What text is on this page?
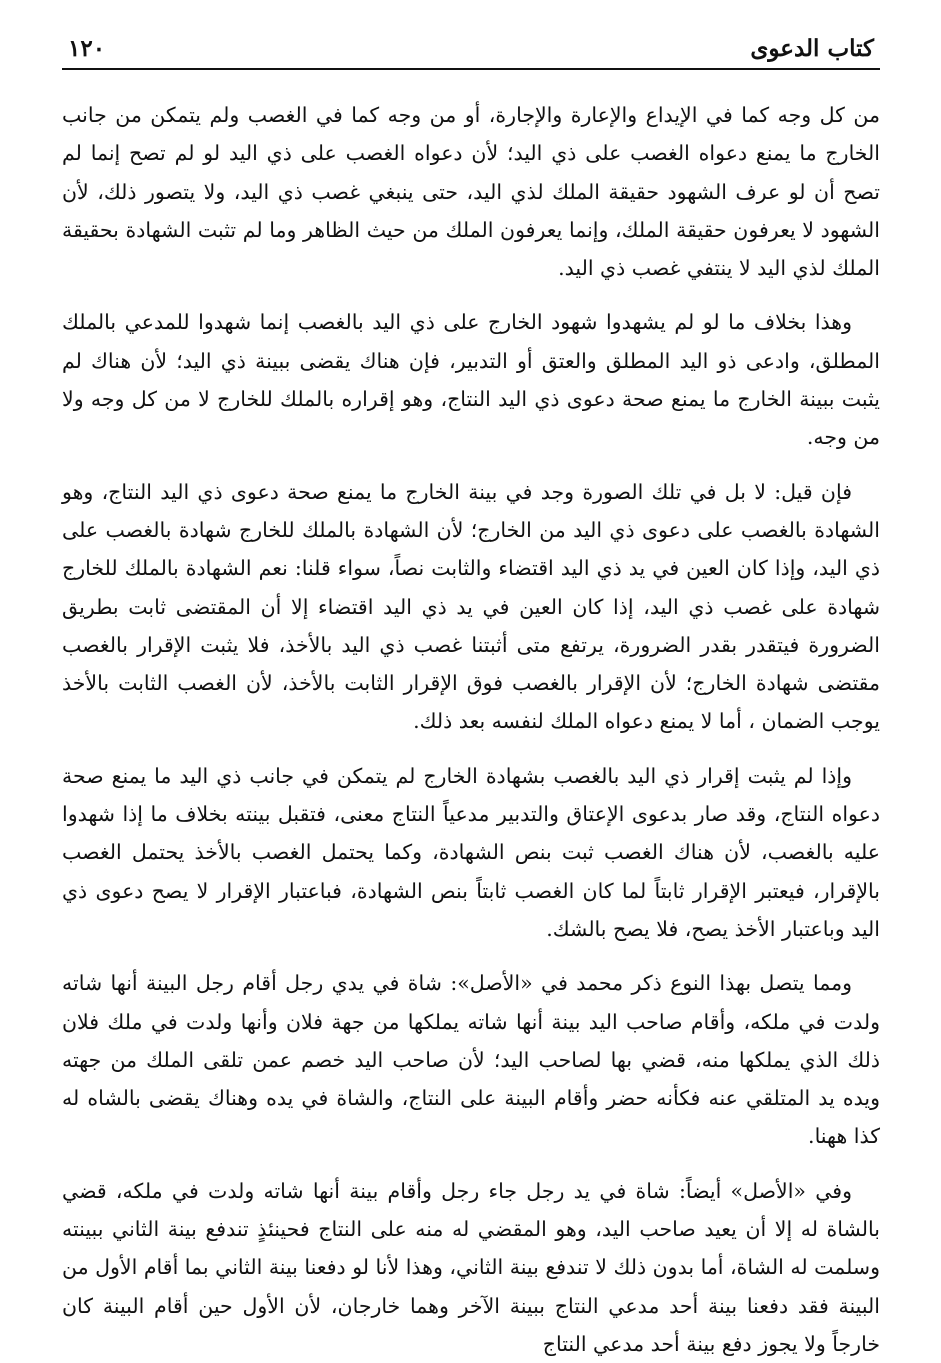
كتاب الدعوى
١٢٠

من كل وجه كما في الإيداع والإعارة والإجارة، أو من وجه كما في الغصب ولم يتمكن من جانب الخارج ما يمنع دعواه الغصب على ذي اليد؛ لأن دعواه الغصب على ذي اليد لو لم تصح إنما لم تصح أن لو عرف الشهود حقيقة الملك لذي اليد، حتى ينبغي غصب ذي اليد، ولا يتصور ذلك، لأن الشهود لا يعرفون حقيقة الملك، وإنما يعرفون الملك من حيث الظاهر وما لم تثبت الشهادة بحقيقة الملك لذي اليد لا ينتفي غصب ذي اليد.

وهذا بخلاف ما لو لم يشهدوا شهود الخارج على ذي اليد بالغصب إنما شهدوا للمدعي بالملك المطلق، وادعى ذو اليد المطلق والعتق أو التدبير، فإن هناك يقضى ببينة ذي اليد؛ لأن هناك لم يثبت ببينة الخارج ما يمنع صحة دعوى ذي اليد النتاج، وهو إقراره بالملك للخارج لا من كل وجه ولا من وجه.

فإن قيل: لا بل في تلك الصورة وجد في بينة الخارج ما يمنع صحة دعوى ذي اليد النتاج، وهو الشهادة بالغصب على دعوى ذي اليد من الخارج؛ لأن الشهادة بالملك للخارج شهادة بالغصب على ذي اليد، وإذا كان العين في يد ذي اليد اقتضاء والثابت نصاً، سواء قلنا: نعم الشهادة بالملك للخارج شهادة على غصب ذي اليد، إذا كان العين في يد ذي اليد اقتضاء إلا أن المقتضى ثابت بطريق الضرورة فيتقدر بقدر الضرورة، يرتفع متى أثبتنا غصب ذي اليد بالأخذ، فلا يثبت الإقرار بالغصب مقتضى شهادة الخارج؛ لأن الإقرار بالغصب فوق الإقرار الثابت بالأخذ، لأن الغصب الثابت بالأخذ يوجب الضمان ، أما لا يمنع دعواه الملك لنفسه بعد ذلك.

وإذا لم يثبت إقرار ذي اليد بالغصب بشهادة الخارج لم يتمكن في جانب ذي اليد ما يمنع صحة دعواه النتاج، وقد صار بدعوى الإعتاق والتدبير مدعياً النتاج معنى، فتقبل بينته بخلاف ما إذا شهدوا عليه بالغصب، لأن هناك الغصب ثبت بنص الشهادة، وكما يحتمل الغصب بالأخذ يحتمل الغصب بالإقرار، فيعتبر الإقرار ثابتاً لما كان الغصب ثابتاً بنص الشهادة، فباعتبار الإقرار لا يصح دعوى ذي اليد وباعتبار الأخذ يصح، فلا يصح بالشك.

ومما يتصل بهذا النوع ذكر محمد في «الأصل»: شاة في يدي رجل أقام رجل البينة أنها شاته ولدت في ملكه، وأقام صاحب اليد بينة أنها شاته يملكها من جهة فلان وأنها ولدت في ملك فلان ذلك الذي يملكها منه، قضي بها لصاحب اليد؛ لأن صاحب اليد خصم عمن تلقى الملك من جهته ويده يد المتلقي عنه فكأنه حضر وأقام البينة على النتاج، والشاة في يده وهناك يقضى بالشاه له كذا ههنا.

وفي «الأصل» أيضاً: شاة في يد رجل جاء رجل وأقام بينة أنها شاته ولدت في ملكه، قضي بالشاة له إلا أن يعيد صاحب اليد، وهو المقضي له منه على النتاج فحينئذٍ تندفع بينة الثاني ببينته وسلمت له الشاة، أما بدون ذلك لا تندفع بينة الثاني، وهذا لأنا لو دفعنا بينة الثاني بما أقام الأول من البينة فقد دفعنا بينة أحد مدعي النتاج ببينة الآخر وهما خارجان، لأن الأول حين أقام البينة كان خارجاً ولا يجوز دفع بينة أحد مدعي النتاج
